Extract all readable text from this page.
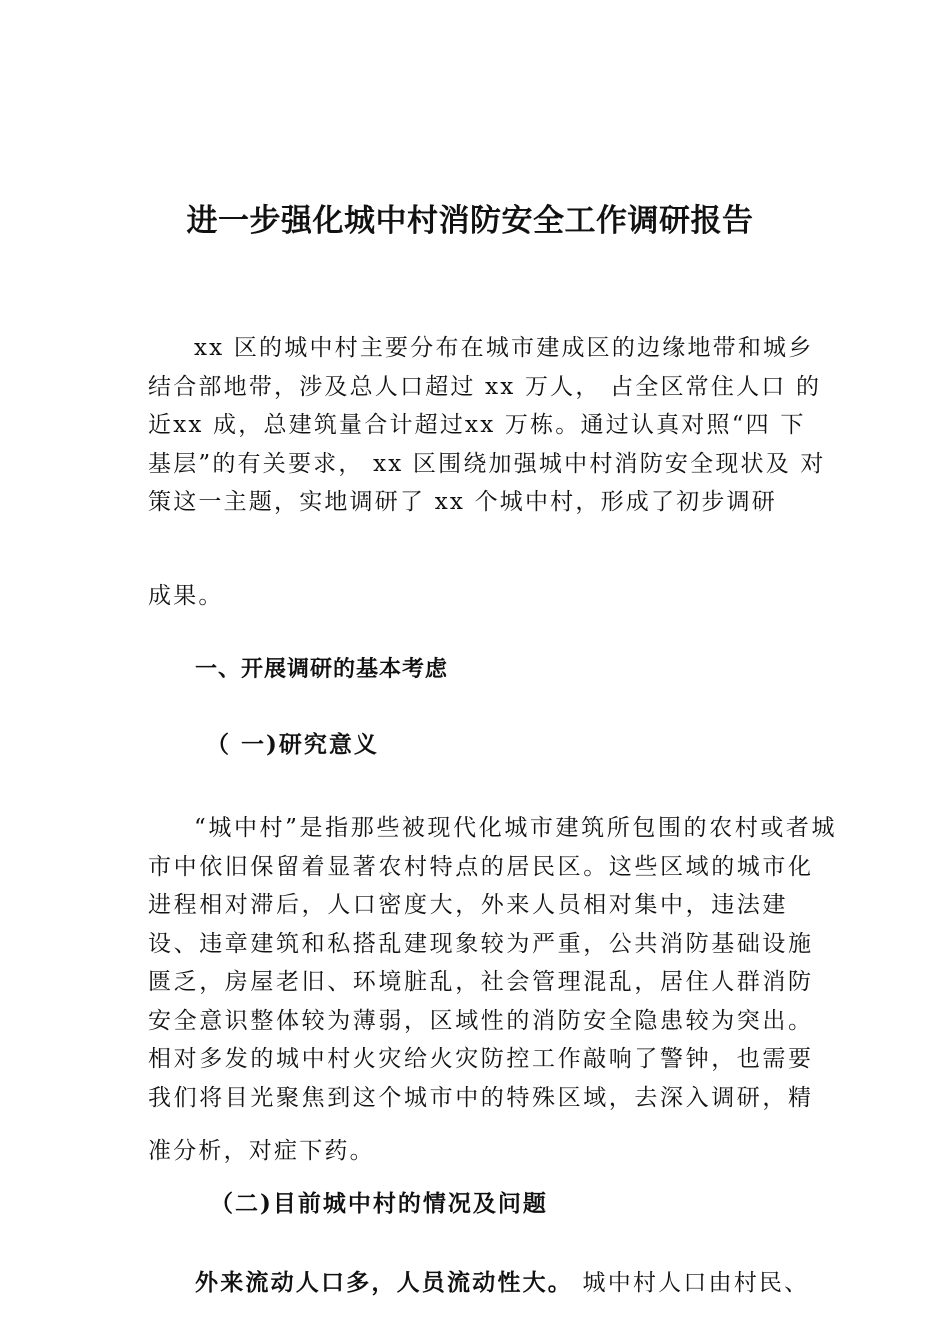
进一步强化城中村消防安全工作调研报告

xx 区的城中村主要分布在城市建成区的边缘地带和城乡结合部地带，涉及总人口超过 xx 万人， 占全区常住人口 的近xx 成，总建筑量合计超过xx 万栋。通过认真对照“四 下基层”的有关要求， xx 区围绕加强城中村消防安全现状及 对策这一主题，实地调研了 xx 个城中村，形成了初步调研

成果。

一、开展调研的基本考虑
（ 一)研究意义

“城中村”是指那些被现代化城市建筑所包围的农村或者城市中依旧保留着显著农村特点的居民区。这些区域的城市化进程相对滞后，人口密度大，外来人员相对集中，违法建设、违章建筑和私搭乱建现象较为严重，公共消防基础设施匮乏，房屋老旧、环境脏乱，社会管理混乱，居住人群消防安全意识整体较为薄弱，区域性的消防安全隐患较为突出。相对多发的城中村火灾给火灾防控工作敲响了警钟，也需要我们将目光聚焦到这个城市中的特殊区域，去深入调研，精

准分析，对症下药。

（二)目前城中村的情况及问题

外来流动人口多，人员流动性大。 城中村人口由村民、
